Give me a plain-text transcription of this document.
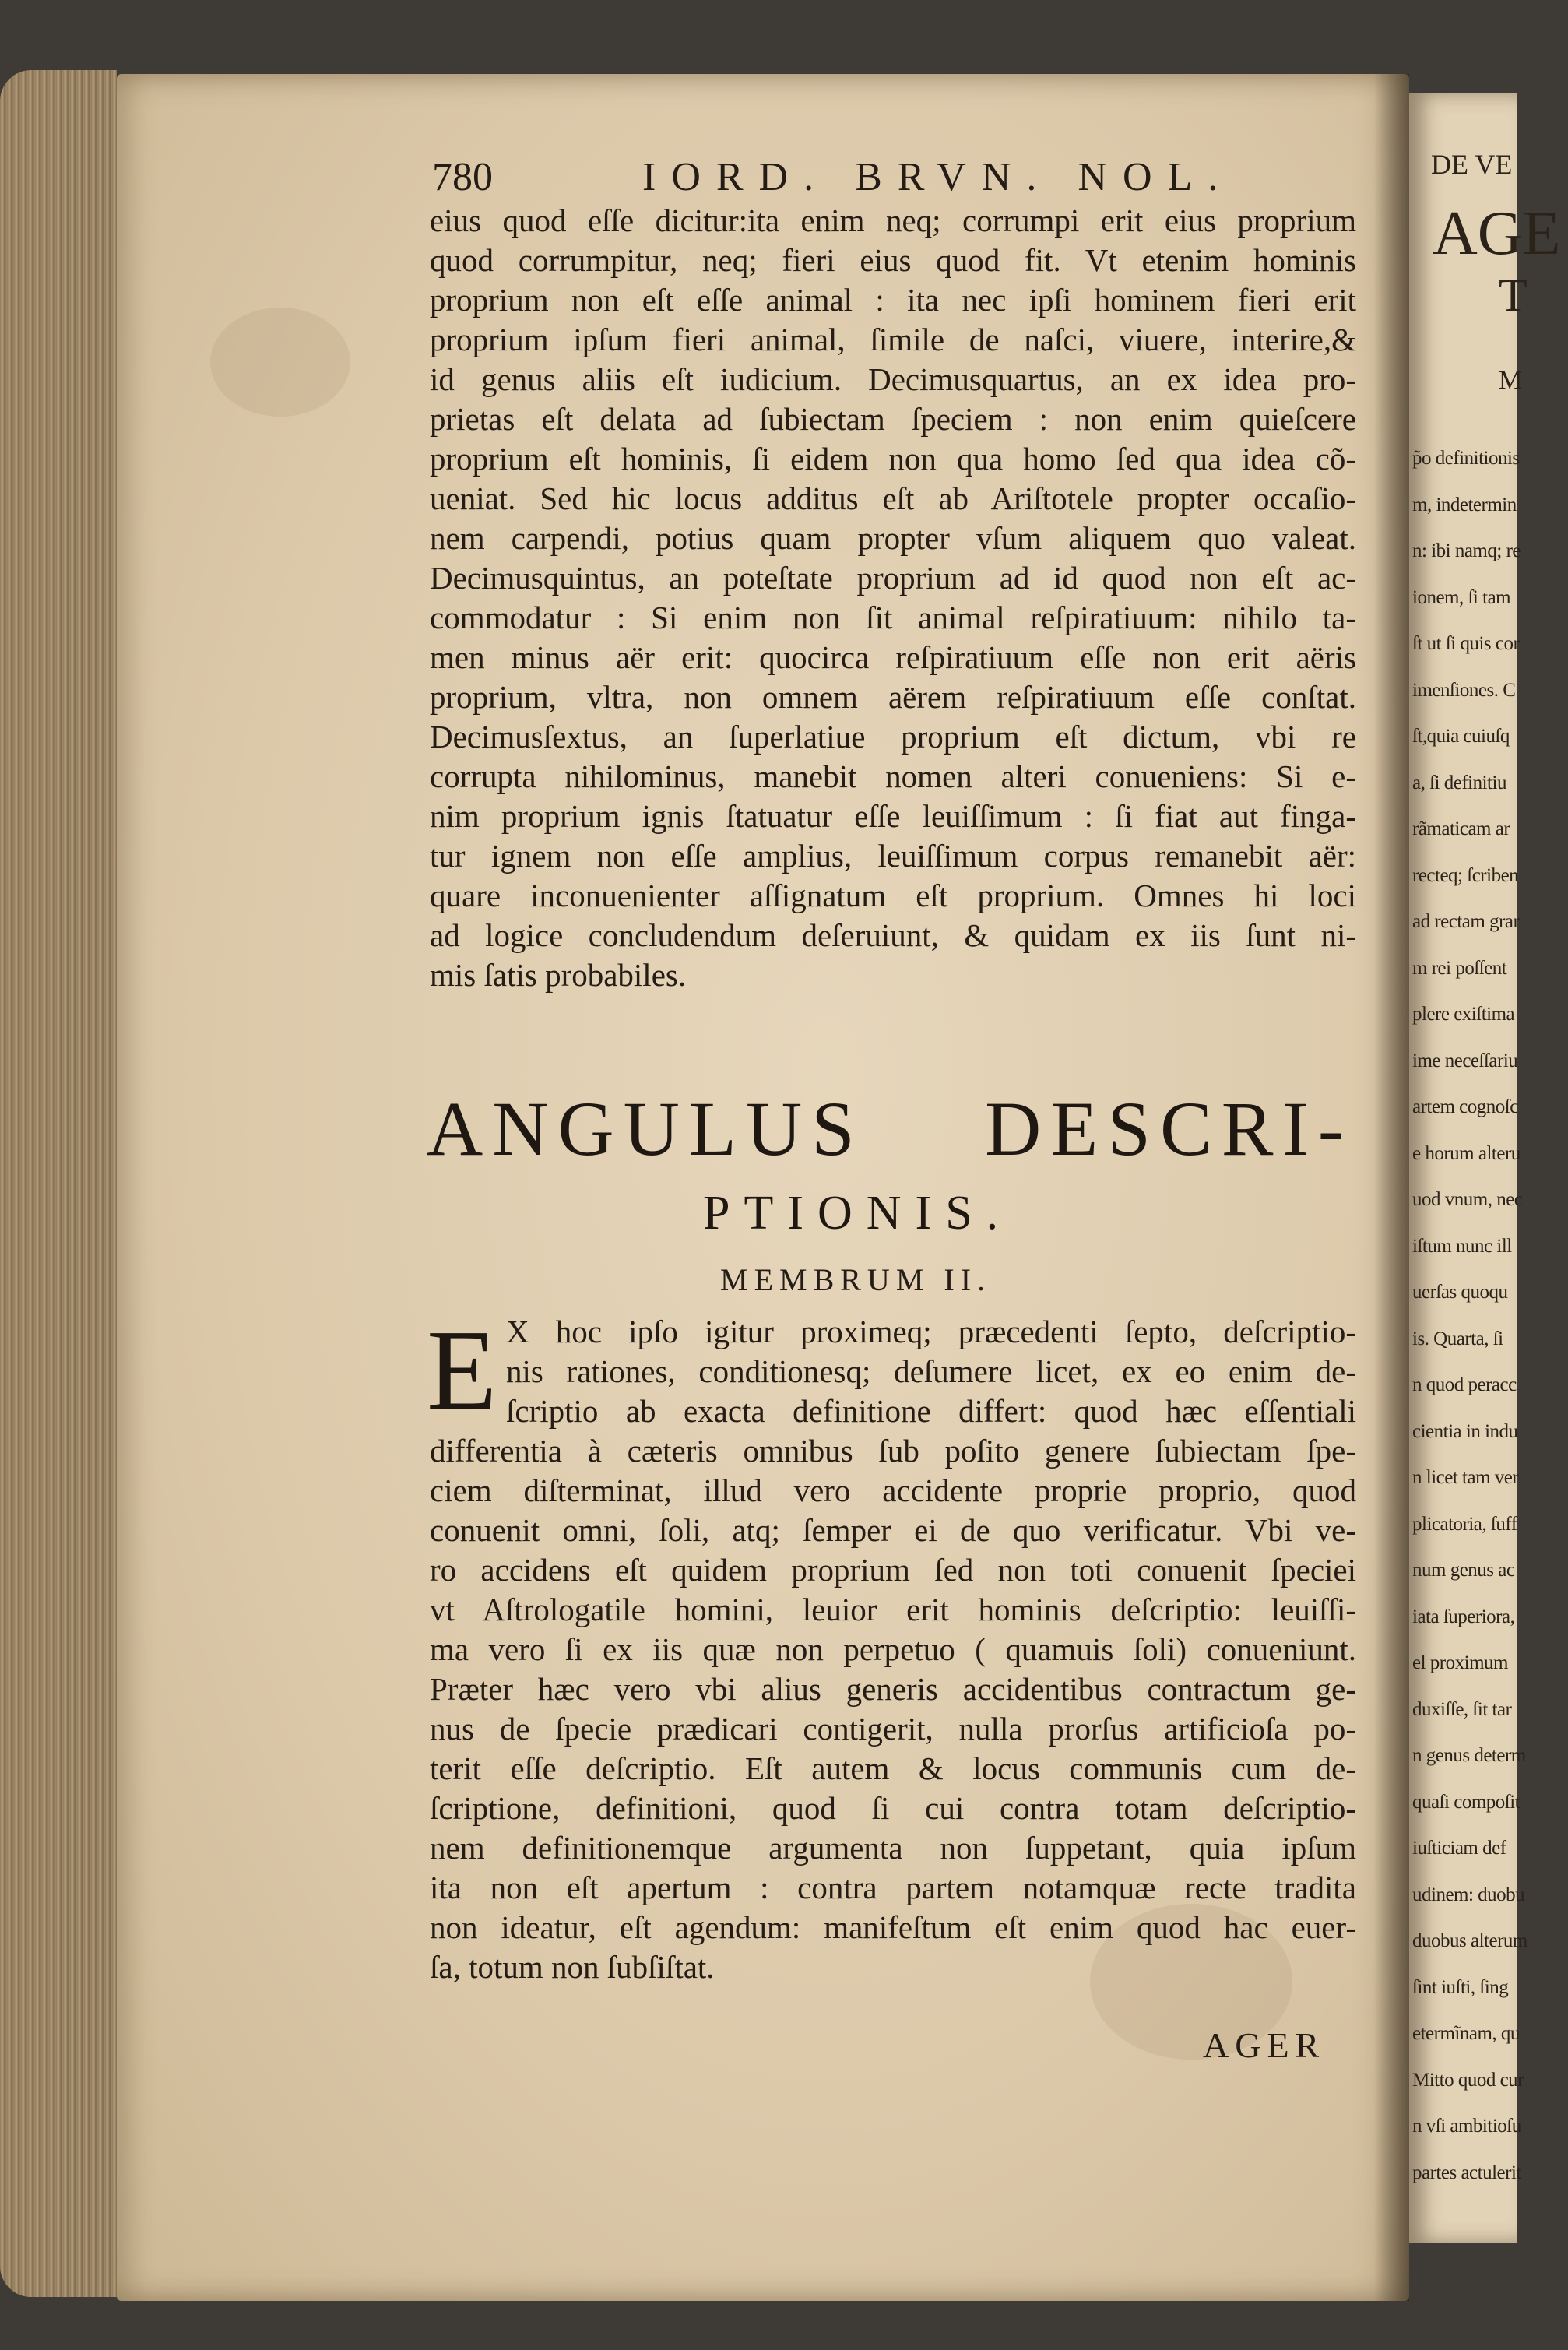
780	IORD. BRVN. NOL.
eius quod eſſe dicitur:ita enim neq; corrumpi erit eius proprium
quod corrumpitur, neq; fieri eius quod fit. Vt etenim hominis
proprium non eſt eſſe animal : ita nec ipſi hominem fieri erit
proprium ipſum fieri animal, ſimile de naſci, viuere, interire,&
id genus aliis eſt iudicium. Decimusquartus, an ex idea pro-
prietas eſt delata ad ſubiectam ſpeciem : non enim quieſcere
proprium eſt hominis, ſi eidem non qua homo ſed qua idea cõ-
ueniat. Sed hic locus additus eſt ab Ariſtotele propter occaſio-
nem carpendi, potius quam propter vſum aliquem quo valeat.
Decimusquintus, an poteſtate proprium ad id quod non eſt ac-
commodatur : Si enim non ſit animal reſpiratiuum: nihilo ta-
men minus aër erit: quocirca reſpiratiuum eſſe non erit aëris
proprium, vltra, non omnem aërem reſpiratiuum eſſe conſtat.
Decimusſextus, an ſuperlatiue proprium eſt dictum, vbi re
corrupta nihilominus, manebit nomen alteri conueniens: Si e-
nim proprium ignis ſtatuatur eſſe leuiſſimum : ſi fiat aut finga-
tur ignem non eſſe amplius, leuiſſimum corpus remanebit aër:
quare inconuenienter aſſignatum eſt proprium. Omnes hi loci
ad logice concludendum deſeruiunt, & quidam ex iis ſunt ni-
mis ſatis probabiles.
ANGULUS DESCRI-
PTIONIS.
MEMBRUM II.
E X hoc ipſo igitur proximeq; præcedenti ſepto, deſcriptio-
nis rationes, conditionesq; deſumere licet, ex eo enim de-
ſcriptio ab exacta definitione differt: quod hæc eſſentiali
differentia à cæteris omnibus ſub poſito genere ſubiectam ſpe-
ciem diſterminat, illud vero accidente proprie proprio, quod
conuenit omni, ſoli, atq; ſemper ei de quo verificatur. Vbi ve-
ro accidens eſt quidem proprium ſed non toti conuenit ſpeciei
vt Aſtrologatile homini, leuior erit hominis deſcriptio: leuiſſi-
ma vero ſi ex iis quæ non perpetuo ( quamuis ſoli) conueniunt.
Præter hæc vero vbi alius generis accidentibus contractum ge-
nus de ſpecie prædicari contigerit, nulla prorſus artificioſa po-
terit eſſe deſcriptio. Eſt autem & locus communis cum de-
ſcriptione, definitioni, quod ſi cui contra totam deſcriptio-
nem definitionemque argumenta non ſuppetant, quia ipſum
ita non eſt apertum : contra partem notamquæ recte tradita
non ideatur, eſt agendum: manifeſtum eſt enim quod hac euer-
ſa, totum non ſubſiſtat.
AGER
DE VE
AGE
T
M
p̃o definitionis
m, indetermin
n: ibi namq; re
ionem, ſi tam
ſt ut ſi quis cor
imenſiones. C
ſt,quia cuiuſq
a, ſi definitiu
rãmaticam ar
recteq; ſcriben
ad rectam grar
m rei poſſent
plere exiſtima
ime neceſſariu
artem cognoſc
e horum alteru
uod vnum, nec
iſtum nunc ill
uerſas quoqu
is. Quarta, ſi
n quod peracc
cientia in indu
n licet tam ver
plicatoria, ſuff
num genus ac
iata ſuperiora,
el proximum
duxiſſe, ſit tar
n genus determ
quaſi compoſit
iuſticiam def
udinem: duobu
duobus alterum
ſint iuſti, ſing
etermĩnam, qu
Mitto quod cur
n vſi ambitioſu
partes actulerit
